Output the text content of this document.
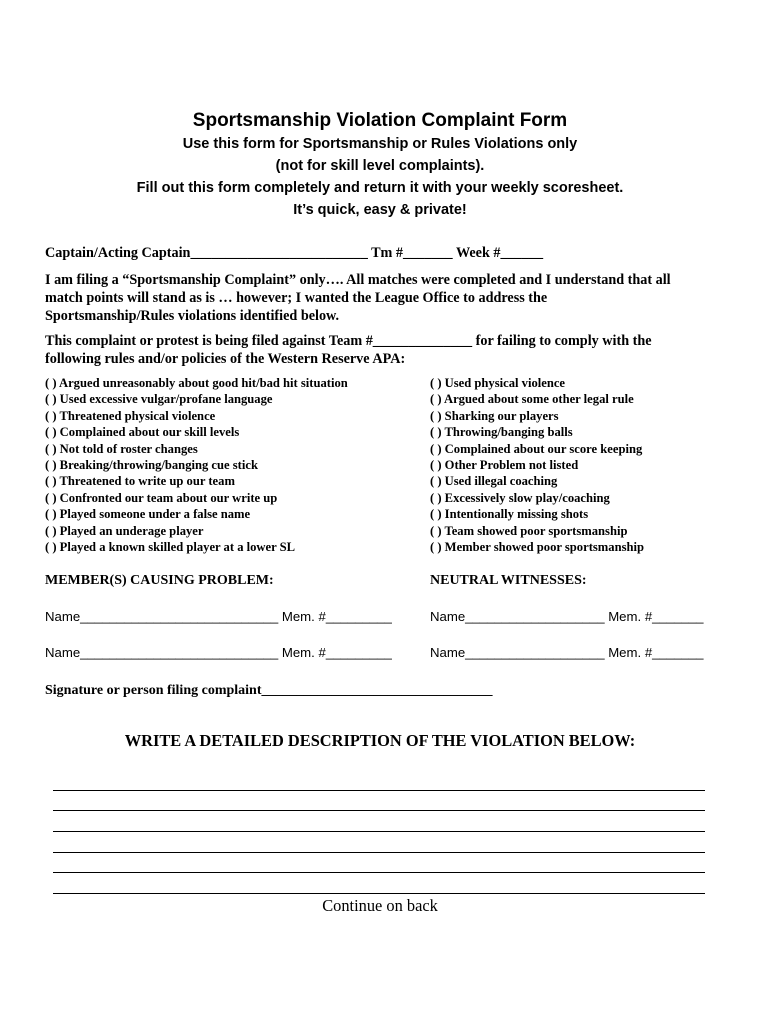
Sportsmanship Violation Complaint Form
Use this form for Sportsmanship or Rules Violations only
(not for skill level complaints).
Fill out this form completely and return it with your weekly scoresheet.
It’s quick, easy & private!
Captain/Acting Captain_________________________ Tm #_______ Week #______
I am filing a “Sportsmanship Complaint” only…. All matches were completed and I understand that all
match points will stand as is … however; I wanted the League Office to address the
Sportsmanship/Rules violations identified below.
This complaint or protest is being filed against Team #______________ for failing to comply with the
following rules and/or policies of the Western Reserve APA:
( ) Argued unreasonably about good hit/bad hit situation
( ) Used excessive vulgar/profane language
( ) Threatened physical violence
( ) Complained about our skill levels
( ) Not told of roster changes
( ) Breaking/throwing/banging cue stick
( ) Threatened to write up our team
( ) Confronted our team about our write up
( ) Played someone under a false name
( ) Played an underage player
( ) Played a known skilled player at a lower SL
( ) Used physical violence
( ) Argued about some other legal rule
( ) Sharking our players
( ) Throwing/banging balls
( ) Complained about our score keeping
( ) Other Problem not listed
( ) Used illegal coaching
( ) Excessively slow play/coaching
( ) Intentionally missing shots
( ) Team showed poor sportsmanship
( ) Member showed poor sportsmanship
MEMBER(S) CAUSING PROBLEM:	NEUTRAL WITNESSES:
Name___________________________ Mem. #_________
Name___________________________ Mem. #_________
Name___________________ Mem. #_______
Name___________________ Mem. #_______
Signature or person filing complaint_________________________________
WRITE A DETAILED DESCRIPTION OF THE VIOLATION BELOW:
Continue on back
